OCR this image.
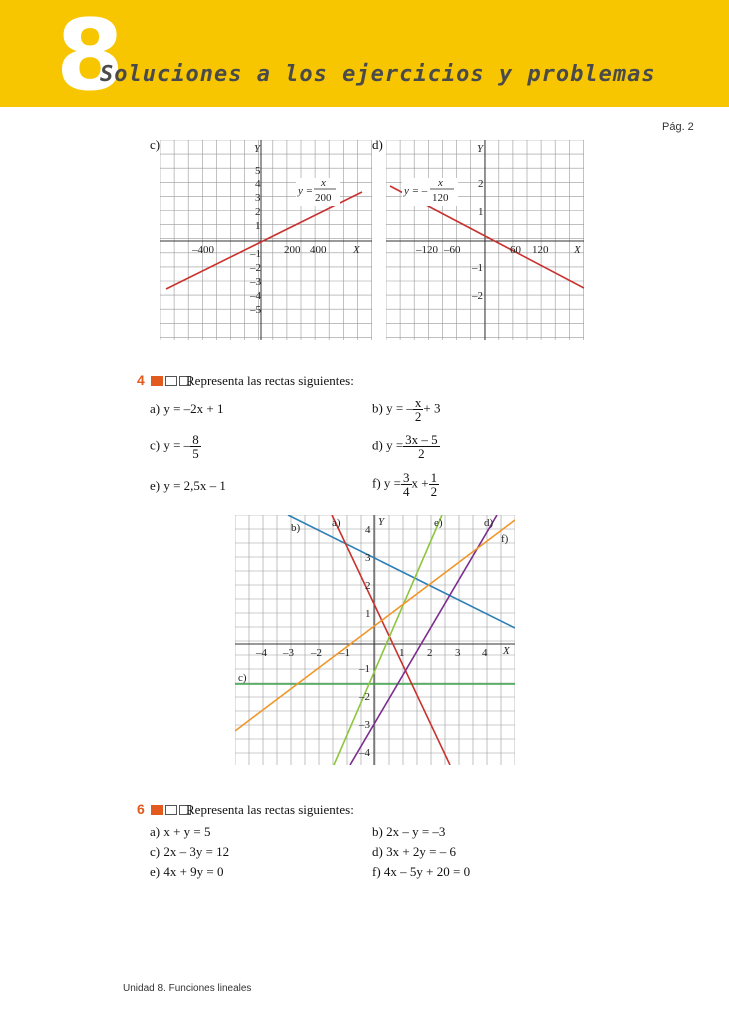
8
Soluciones a los ejercicios y problemas
Pág. 2
c)	Y
X
–400	200 400
5
4
3
2
1
–1
–2
–3
–4
–5
y =
x
200
d)	Y
X
–120 –60	60 120
2
1
–1
–2
y = –
x
120
4	Representa las rectas siguientes:
a) y = –2x + 1	b) y = – $\frac{x}{2} + 3$
c) y = – $\frac{8}{5}$	d) $y = \frac{3x - 5}{2}$
e) y = 2,5x – 1	f) $y = \frac{3}{4}$ $x + \frac{1}{2}$
Y
X
–4 –3 –2 –1	1 2 3 4
4
3
2
1
–1
–2
–3
–4
b)	a)	e)	d)
f)
c)
6	Representa las rectas siguientes:
a) x + y = 5	b) 2x – y = –3
c) 2x – 3y = 12	d) 3x + 2y = – 6
e) 4x + 9y = 0	f) 4x – 5y + 20 = 0
Unidad 8. Funciones lineales
